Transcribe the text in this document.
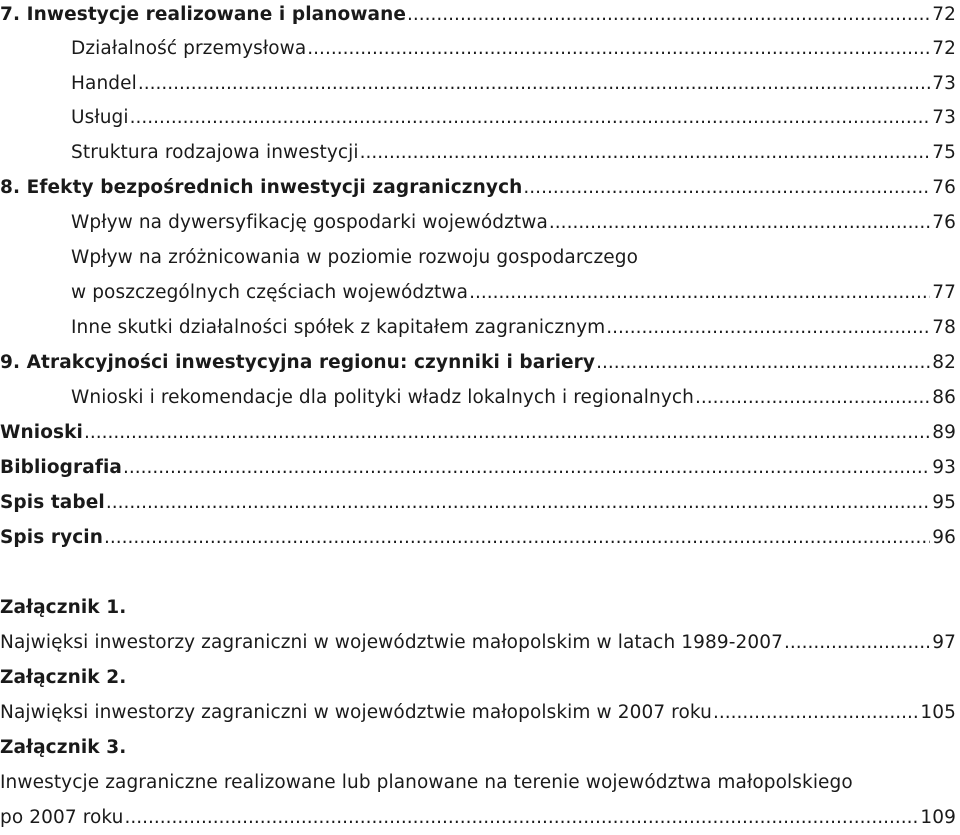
7. Inwestycje realizowane i planowane .....	72
Działalność przemysłowa .....	72
Handel .....	73
Usługi .....	73
Struktura rodzajowa inwestycji .....	75
8. Efekty bezpośrednich inwestycji zagranicznych .....	76
Wpływ na dywersyfikację gospodarki województwa .....	76
Wpływ na zróżnicowania w poziomie rozwoju gospodarczego
w poszczególnych częściach województwa .....	77
Inne skutki działalności spółek z kapitałem zagranicznym .....	78
9. Atrakcyjności inwestycyjna regionu: czynniki i bariery .....	82
Wnioski i rekomendacje dla polityki władz lokalnych i regionalnych .....	86
Wnioski .....	89
Bibliografia .....	93
Spis tabel .....	95
Spis rycin .....	96
Załącznik 1.
Najwięksi inwestorzy zagraniczni w województwie małopolskim w latach 1989-2007 .....	97
Załącznik 2.
Najwięksi inwestorzy zagraniczni w województwie małopolskim w 2007 roku .....	105
Załącznik 3.
Inwestycje zagraniczne realizowane lub planowane na terenie województwa małopolskiego
po 2007 roku .....	109
